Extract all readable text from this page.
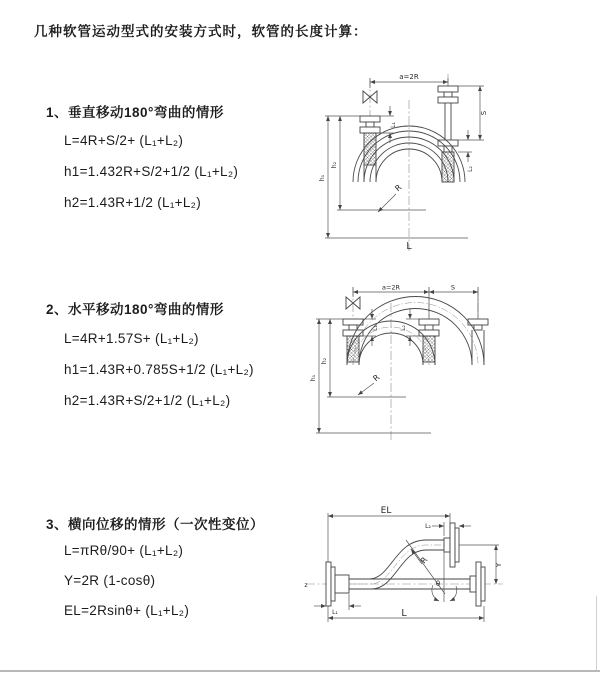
几种软管运动型式的安装方式时，软管的长度计算：
1、垂直移动180°弯曲的情形
L=4R+S/2+ (L₁+L₂)
h1=1.432R+S/2+1/2 (L₁+L₂)
h2=1.43R+1/2 (L₁+L₂)
2、水平移动180°弯曲的情形
L=4R+1.57S+ (L₁+L₂)
h1=1.43R+0.785S+1/2 (L₁+L₂)
h2=1.43R+S/2+1/2 (L₁+L₂)
3、横向位移的情形（一次性变位）
L=πRθ/90+ (L₁+L₂)
Y=2R (1-cosθ)
EL=2Rsinθ+ (L₁+L₂)
a=2R
S
L₂
L₁
h₁
h₂
R
L
a=2R	S
L₁	L₂
h₁
h₂
R
z	θ
EL
L₂
Y
R
L₁	L
